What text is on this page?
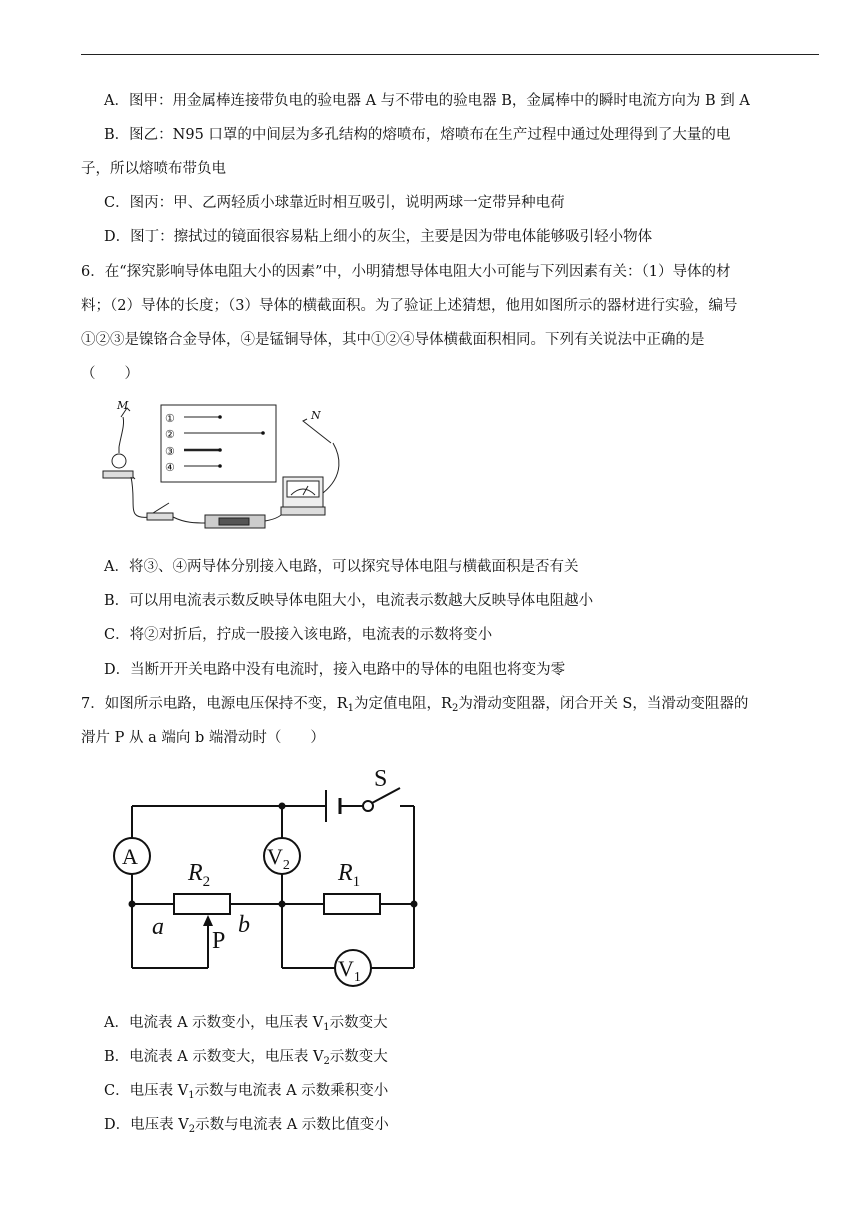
A．图甲：用金属棒连接带负电的验电器 A 与不带电的验电器 B，金属棒中的瞬时电流方向为 B 到 A
B．图乙：N95 口罩的中间层为多孔结构的熔喷布，熔喷布在生产过程中通过处理得到了大量的电
子，所以熔喷布带负电
C．图丙：甲、乙两轻质小球靠近时相互吸引，说明两球一定带异种电荷
D．图丁：擦拭过的镜面很容易粘上细小的灰尘，主要是因为带电体能够吸引轻小物体
6．在“探究影响导体电阻大小的因素”中，小明猜想导体电阻大小可能与下列因素有关：（1）导体的材
料；（2）导体的长度；（3）导体的横截面积。为了验证上述猜想，他用如图所示的器材进行实验，编号
①②③是镍铬合金导体，④是锰铜导体，其中①②④导体横截面积相同。下列有关说法中正确的是
（　　）
M
N
①
②
③
④
A．将③、④两导体分别接入电路，可以探究导体电阻与横截面积是否有关
B．可以用电流表示数反映导体电阻大小，电流表示数越大反映导体电阻越小
C．将②对折后，拧成一股接入该电路，电流表的示数将变小
D．当断开开关电路中没有电流时，接入电路中的导体的电阻也将变为零
7．如图所示电路，电源电压保持不变，$R_1$为定值电阻，$R_2$为滑动变阻器，闭合开关 S，当滑动变阻器的
滑片 P 从 a 端向 b 端滑动时（　　）
S
A	$V_2$
$V_1$
$R_2$	$R_1$
a	b
P
A．电流表 A 示数变小，电压表 $V_1$示数变大
B．电流表 A 示数变大，电压表 $V_2$示数变大
C．电压表 $V_1$示数与电流表 A 示数乘积变小
D．电压表 $V_2$示数与电流表 A 示数比值变小
